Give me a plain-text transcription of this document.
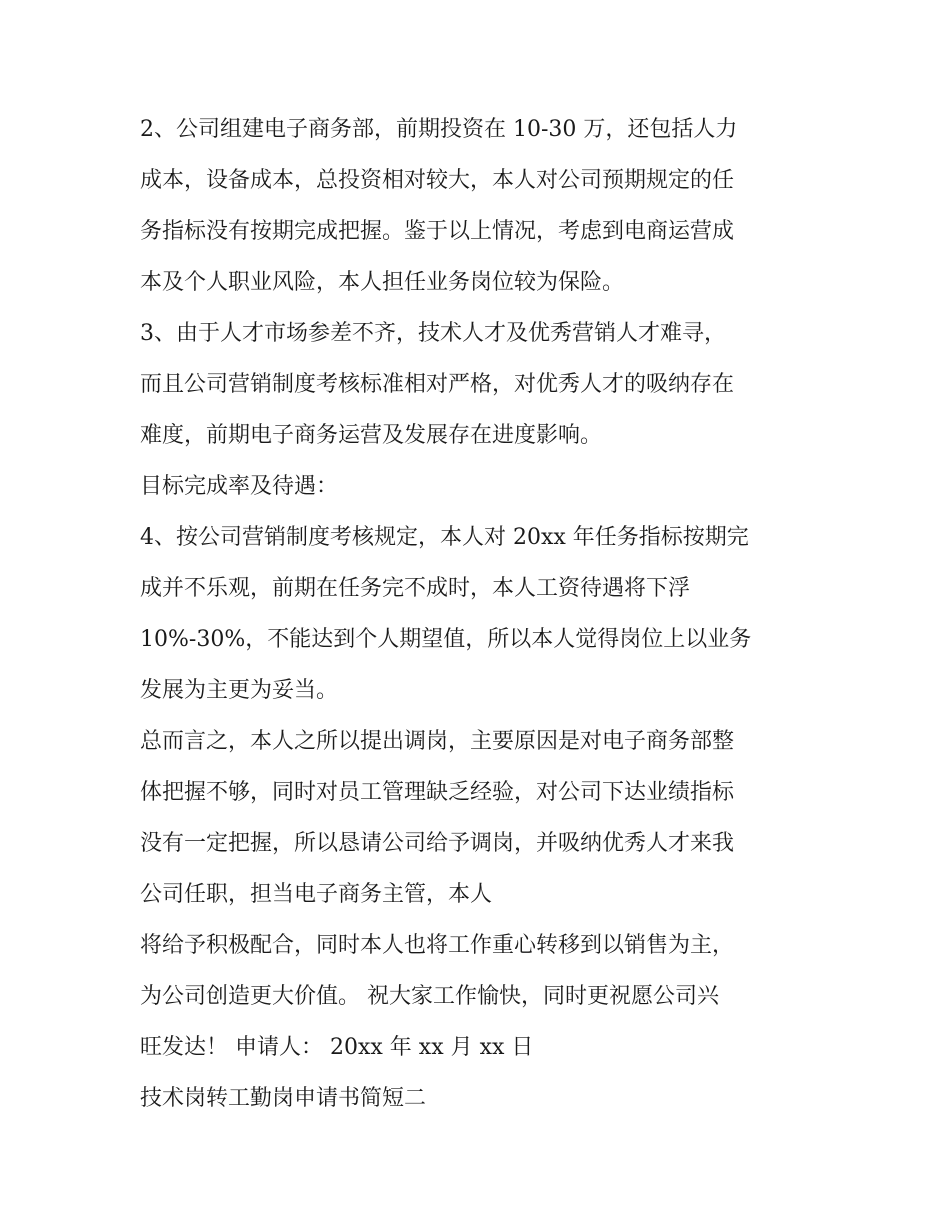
2、公司组建电子商务部，前期投资在 10-30 万，还包括人力
成本，设备成本，总投资相对较大，本人对公司预期规定的任
务指标没有按期完成把握。鉴于以上情况，考虑到电商运营成
本及个人职业风险，本人担任业务岗位较为保险。
3、由于人才市场参差不齐，技术人才及优秀营销人才难寻，
而且公司营销制度考核标准相对严格，对优秀人才的吸纳存在
难度，前期电子商务运营及发展存在进度影响。
目标完成率及待遇：
4、按公司营销制度考核规定，本人对 20xx 年任务指标按期完
成并不乐观，前期在任务完不成时，本人工资待遇将下浮
10%-30%，不能达到个人期望值，所以本人觉得岗位上以业务
发展为主更为妥当。
总而言之，本人之所以提出调岗，主要原因是对电子商务部整
体把握不够，同时对员工管理缺乏经验，对公司下达业绩指标
没有一定把握，所以恳请公司给予调岗，并吸纳优秀人才来我
公司任职，担当电子商务主管，本人
将给予积极配合，同时本人也将工作重心转移到以销售为主，
为公司创造更大价值。 祝大家工作愉快，同时更祝愿公司兴
旺发达！ 申请人： 20xx 年 xx 月 xx 日
技术岗转工勤岗申请书简短二
